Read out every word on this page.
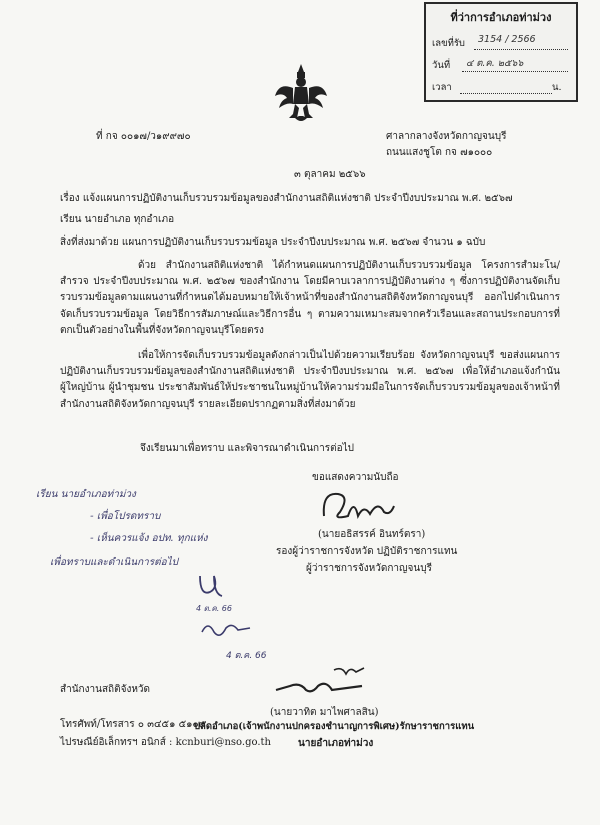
ที่ว่าการอำเภอท่าม่วง
เลขที่รับ 3154 / 2566
วันที่ ๔ ต.ค. ๒๕๖๖
เวลา	น.
ที่ กจ ๐๐๑๗/ว๑๙๙๗๐	ศาลากลางจังหวัดกาญจนบุรี
ถนนแสงชูโต กจ ๗๑๐๐๐
๓ ตุลาคม ๒๕๖๖
เรื่อง แจ้งแผนการปฏิบัติงานเก็บรวบรวมข้อมูลของสำนักงานสถิติแห่งชาติ ประจำปีงบประมาณ พ.ศ. ๒๕๖๗
เรียน นายอำเภอ ทุกอำเภอ
สิ่งที่ส่งมาด้วย แผนการปฏิบัติงานเก็บรวบรวมข้อมูล ประจำปีงบประมาณ พ.ศ. ๒๕๖๗ จำนวน ๑ ฉบับ
ด้วย สำนักงานสถิติแห่งชาติ ได้กำหนดแผนการปฏิบัติงานเก็บรวบรวมข้อมูล โครงการสำมะโน/สำรวจ ประจำปีงบประมาณ พ.ศ. ๒๕๖๗ ของสำนักงาน โดยมีคาบเวลาการปฏิบัติงานต่าง ๆ ซึ่งการปฏิบัติงานจัดเก็บรวบรวมข้อมูลตามแผนงานที่กำหนดได้มอบหมายให้เจ้าหน้าที่ของสำนักงานสถิติจังหวัดกาญจนบุรี ออกไปดำเนินการจัดเก็บรวบรวมข้อมูล โดยวิธีการสัมภาษณ์และวิธีการอื่น ๆ ตามความเหมาะสมจากครัวเรือนและสถานประกอบการที่ตกเป็นตัวอย่างในพื้นที่จังหวัดกาญจนบุรีโดยตรง
เพื่อให้การจัดเก็บรวบรวมข้อมูลดังกล่าวเป็นไปด้วยความเรียบร้อย จังหวัดกาญจนบุรี ขอส่งแผนการปฏิบัติงานเก็บรวบรวมข้อมูลของสำนักงานสถิติแห่งชาติ ประจำปีงบประมาณ พ.ศ. ๒๕๖๗ เพื่อให้อำเภอแจ้งกำนัน ผู้ใหญ่บ้าน ผู้นำชุมชน ประชาสัมพันธ์ให้ประชาชนในหมู่บ้านให้ความร่วมมือในการจัดเก็บรวบรวมข้อมูลของเจ้าหน้าที่สำนักงานสถิติจังหวัดกาญจนบุรี รายละเอียดปรากฏตามสิ่งที่ส่งมาด้วย
จึงเรียนมาเพื่อทราบ และพิจารณาดำเนินการต่อไป
ขอแสดงความนับถือ
(นายอธิสรรค์ อินทร์ตรา)
รองผู้ว่าราชการจังหวัด ปฏิบัติราชการแทน
ผู้ว่าราชการจังหวัดกาญจนบุรี
เรียน นายอำเภอท่าม่วง
- เพื่อโปรดทราบ
- เห็นควรแจ้ง อปท. ทุกแห่ง
เพื่อทราบและดำเนินการต่อไป
4 ต.ค. 66
4 ต.ค. 66
สำนักงานสถิติจังหวัด
(นายวาทิต มาไพศาลสิน)
โทรศัพท์/โทรสาร ๐ ๓๔๕๑ ๕๑๐๙
ปลัดอำเภอ(เจ้าพนักงานปกครองชำนาญการพิเศษ)รักษาราชการแทน
ไปรษณีย์อิเล็กทรฯ อนิกส์ : kcnburi@nso.go.th	นายอำเภอท่าม่วง
